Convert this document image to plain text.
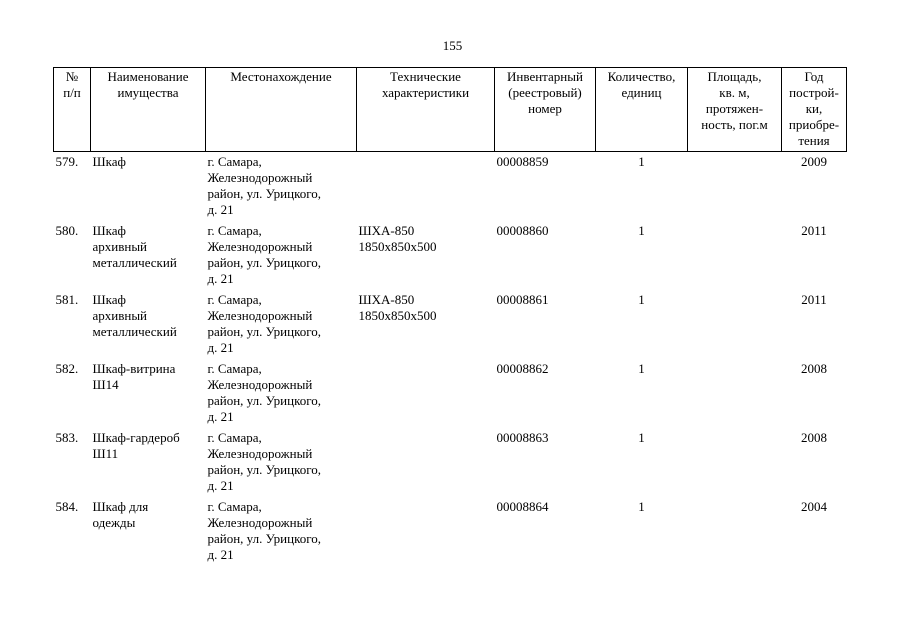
155
№
п/п	Наименование
имущества	Местонахождение	Технические
характеристики	Инвентарный
(реестровый)
номер	Количество,
единиц	Площадь,
кв. м,
протяжен-
ность, пог.м	Год
построй-
ки,
приобре-
тения
579.	Шкаф	г. Самара,
Железнодорожный
район, ул. Урицкого,
д. 21		00008859	1		2009
580.	Шкаф
архивный
металлический	г. Самара,
Железнодорожный
район, ул. Урицкого,
д. 21	ШХА-850
1850х850х500	00008860	1		2011
581.	Шкаф
архивный
металлический	г. Самара,
Железнодорожный
район, ул. Урицкого,
д. 21	ШХА-850
1850х850х500	00008861	1		2011
582.	Шкаф-витрина
Ш14	г. Самара,
Железнодорожный
район, ул. Урицкого,
д. 21		00008862	1		2008
583.	Шкаф-гардероб
Ш11	г. Самара,
Железнодорожный
район, ул. Урицкого,
д. 21		00008863	1		2008
584.	Шкаф для
одежды	г. Самара,
Железнодорожный
район, ул. Урицкого,
д. 21		00008864	1		2004
